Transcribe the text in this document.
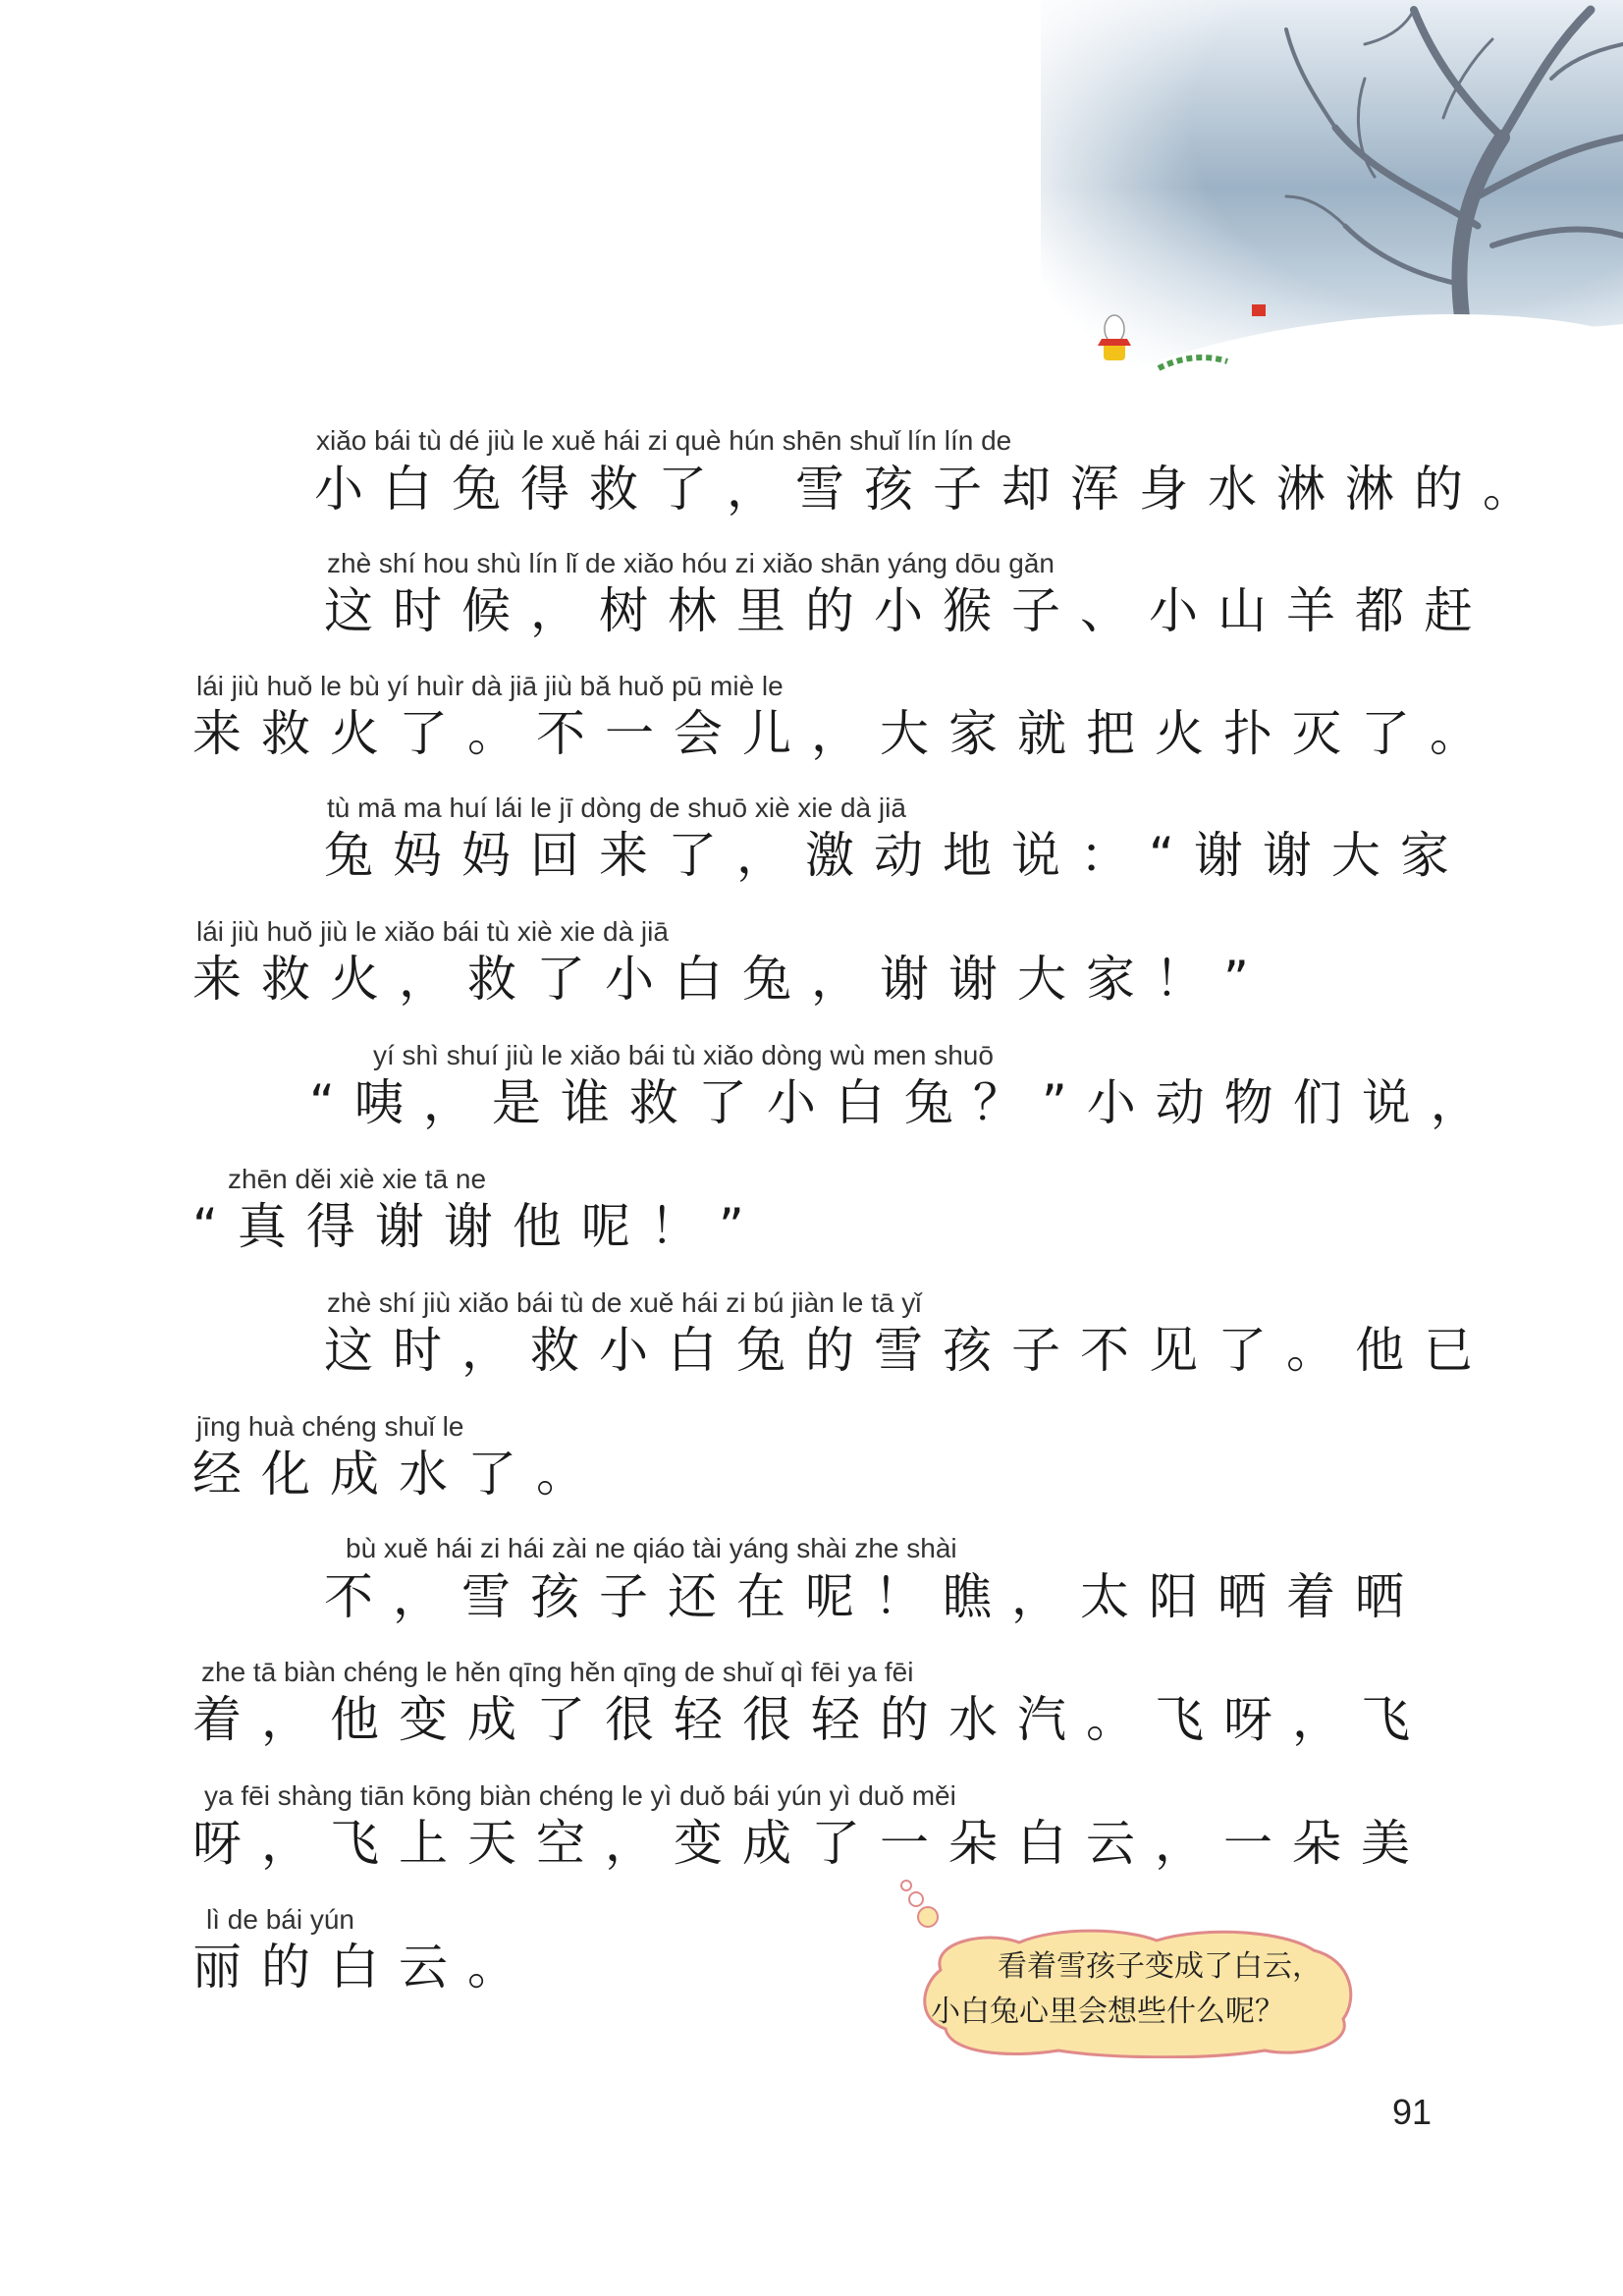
xiǎo bái tù dé jiù le xuě hái zi què hún shēn shuǐ lín lín de
小白兔得救了，雪孩子却浑身水淋淋的。
zhè shí hou shù lín lǐ de xiǎo hóu zi xiǎo shān yáng dōu gǎn
这时候，树林里的小猴子、小山羊都赶
lái jiù huǒ le bù yí huìr dà jiā jiù bǎ huǒ pū miè le
来救火了。不一会儿，大家就把火扑灭了。
tù mā ma huí lái le jī dòng de shuō xiè xie dà jiā
兔妈妈回来了，激动地说：“谢谢大家
lái jiù huǒ jiù le xiǎo bái tù xiè xie dà jiā
来救火，救了小白兔，谢谢大家！”
yí shì shuí jiù le xiǎo bái tù xiǎo dòng wù men shuō
“咦，是谁救了小白兔？”小动物们说，
zhēn děi xiè xie tā ne
“真得谢谢他呢！”
zhè shí jiù xiǎo bái tù de xuě hái zi bú jiàn le tā yǐ
这时，救小白兔的雪孩子不见了。他已
jīng huà chéng shuǐ le
经化成水了。
bù xuě hái zi hái zài ne qiáo tài yáng shài zhe shài
不，雪孩子还在呢！瞧，太阳晒着晒
zhe tā biàn chéng le hěn qīng hěn qīng de shuǐ qì fēi ya fēi
着，他变成了很轻很轻的水汽。飞呀，飞
ya fēi shàng tiān kōng biàn chéng le yì duǒ bái yún yì duǒ měi
呀，飞上天空，变成了一朵白云，一朵美
lì de bái yún
丽的白云。	看着雪孩子变成了白云，
小白兔心里会想些什么呢？
91
